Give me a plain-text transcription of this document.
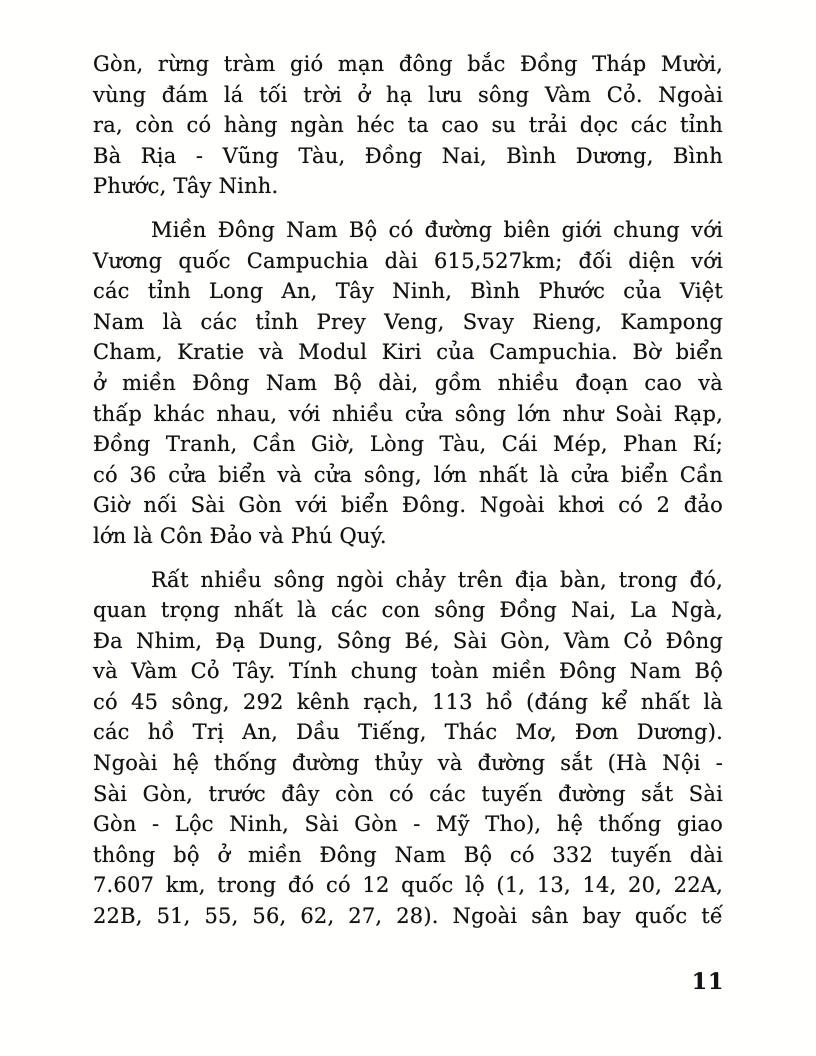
Gòn, rừng tràm gió mạn đông bắc Đồng Tháp Mười,
vùng đám lá tối trời ở hạ lưu sông Vàm Cỏ. Ngoài
ra, còn có hàng ngàn héc ta cao su trải dọc các tỉnh
Bà Rịa - Vũng Tàu, Đồng Nai, Bình Dương, Bình
Phước, Tây Ninh.
Miền Đông Nam Bộ có đường biên giới chung với
Vương quốc Campuchia dài 615,527km; đối diện với
các tỉnh Long An, Tây Ninh, Bình Phước của Việt
Nam là các tỉnh Prey Veng, Svay Rieng, Kampong
Cham, Kratie và Modul Kiri của Campuchia. Bờ biển
ở miền Đông Nam Bộ dài, gồm nhiều đoạn cao và
thấp khác nhau, với nhiều cửa sông lớn như Soài Rạp,
Đồng Tranh, Cần Giờ, Lòng Tàu, Cái Mép, Phan Rí;
có 36 cửa biển và cửa sông, lớn nhất là cửa biển Cần
Giờ nối Sài Gòn với biển Đông. Ngoài khơi có 2 đảo
lớn là Côn Đảo và Phú Quý.
Rất nhiều sông ngòi chảy trên địa bàn, trong đó,
quan trọng nhất là các con sông Đồng Nai, La Ngà,
Đa Nhim, Đạ Dung, Sông Bé, Sài Gòn, Vàm Cỏ Đông
và Vàm Cỏ Tây. Tính chung toàn miền Đông Nam Bộ
có 45 sông, 292 kênh rạch, 113 hồ (đáng kể nhất là
các hồ Trị An, Dầu Tiếng, Thác Mơ, Đơn Dương).
Ngoài hệ thống đường thủy và đường sắt (Hà Nội -
Sài Gòn, trước đây còn có các tuyến đường sắt Sài
Gòn - Lộc Ninh, Sài Gòn - Mỹ Tho), hệ thống giao
thông bộ ở miền Đông Nam Bộ có 332 tuyến dài
7.607 km, trong đó có 12 quốc lộ (1, 13, 14, 20, 22A,
22B, 51, 55, 56, 62, 27, 28). Ngoài sân bay quốc tế
11
